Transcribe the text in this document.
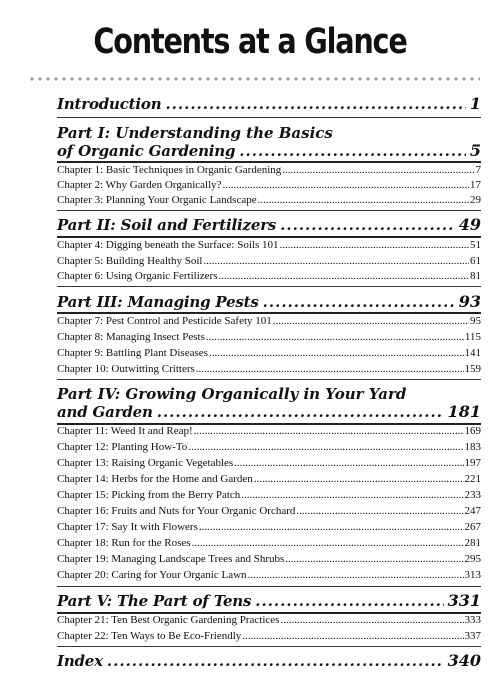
Contents at a Glance
Introduction .....	1
Part I: Understanding the Basics
of Organic Gardening .....	5
Chapter 1: Basic Techniques in Organic Gardening .....	7
Chapter 2: Why Garden Organically? .....	17
Chapter 3: Planning Your Organic Landscape .....	29
Part II: Soil and Fertilizers .....	49
Chapter 4: Digging beneath the Surface: Soils 101 .....	51
Chapter 5: Building Healthy Soil .....	61
Chapter 6: Using Organic Fertilizers .....	81
Part III: Managing Pests .....	93
Chapter 7: Pest Control and Pesticide Safety 101 .....	95
Chapter 8: Managing Insect Pests .....	115
Chapter 9: Battling Plant Diseases .....	141
Chapter 10: Outwitting Critters .....	159
Part IV: Growing Organically in Your Yard
and Garden .....	181
Chapter 11: Weed It and Reap! .....	169
Chapter 12: Planting How-To .....	183
Chapter 13: Raising Organic Vegetables .....	197
Chapter 14: Herbs for the Home and Garden .....	221
Chapter 15: Picking from the Berry Patch .....	233
Chapter 16: Fruits and Nuts for Your Organic Orchard .....	247
Chapter 17: Say It with Flowers .....	267
Chapter 18: Run for the Roses .....	281
Chapter 19: Managing Landscape Trees and Shrubs .....	295
Chapter 20: Caring for Your Organic Lawn .....	313
Part V: The Part of Tens .....	331
Chapter 21: Ten Best Organic Gardening Practices .....	333
Chapter 22: Ten Ways to Be Eco-Friendly .....	337
Index .....	340
